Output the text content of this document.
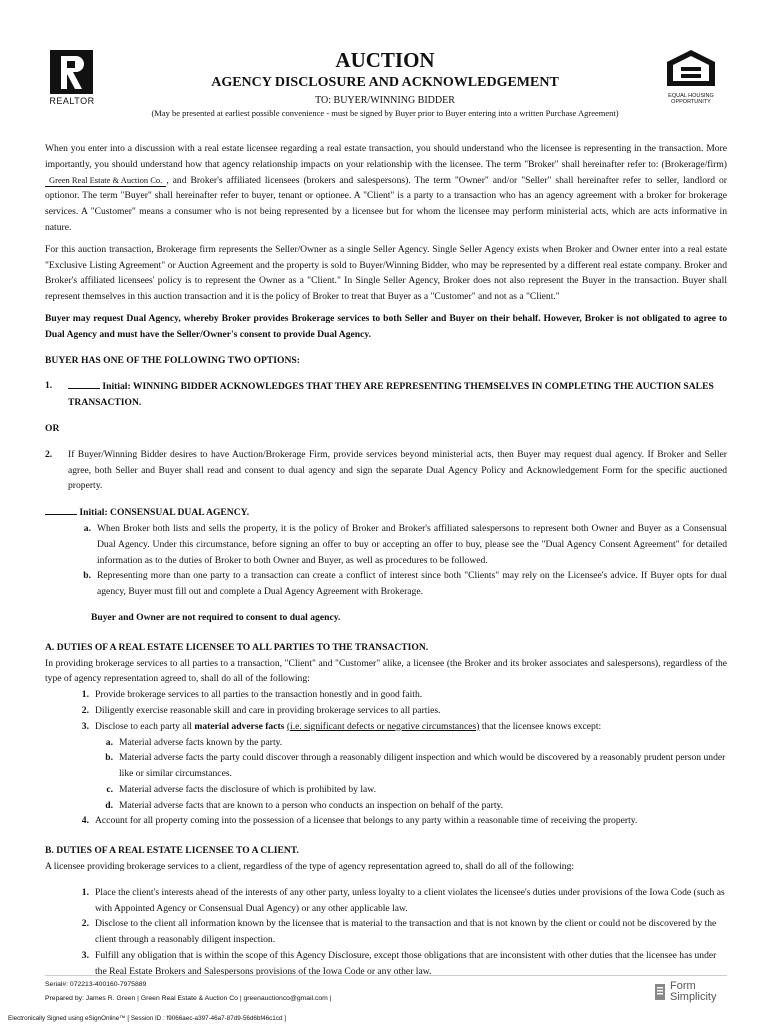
REALTOR	EQUAL HOUSING
OPPORTUNITY
AUCTION
AGENCY DISCLOSURE AND ACKNOWLEDGEMENT
TO: BUYER/WINNING BIDDER
(May be presented at earliest possible convenience - must be signed by Buyer prior to Buyer entering into a written Purchase Agreement)

When you enter into a discussion with a real estate licensee regarding a real estate transaction, you should understand who the licensee is representing in the transaction. More importantly, you should understand how that agency relationship impacts on your relationship with the licensee. The term "Broker" shall hereinafter refer to: (Brokerage/firm) Green Real Estate & Auction Co. , and Broker's affiliated licensees (brokers and salespersons). The term "Owner" and/or "Seller" shall hereinafter refer to seller, landlord or optionor. The term "Buyer" shall hereinafter refer to buyer, tenant or optionee. A "Client" is a party to a transaction who has an agency agreement with a broker for brokerage services. A "Customer" means a consumer who is not being represented by a licensee but for whom the licensee may perform ministerial acts, which are acts informative in nature.

For this auction transaction, Brokerage firm represents the Seller/Owner as a single Seller Agency. Single Seller Agency exists when Broker and Owner enter into a real estate "Exclusive Listing Agreement" or Auction Agreement and the property is sold to Buyer/Winning Bidder, who may be represented by a different real estate company. Broker and Broker's affiliated licensees' policy is to represent the Owner as a "Client." In Single Seller Agency, Broker does not also represent the Buyer in the transaction. Buyer shall represent themselves in this auction transaction and it is the policy of Broker to treat that Buyer as a "Customer" and not as a "Client."

Buyer may request Dual Agency, whereby Broker provides Brokerage services to both Seller and Buyer on their behalf. However, Broker is not obligated to agree to Dual Agency and must have the Seller/Owner's consent to provide Dual Agency.

BUYER HAS ONE OF THE FOLLOWING TWO OPTIONS:

1.	Initial: WINNING BIDDER ACKNOWLEDGES THAT THEY ARE REPRESENTING THEMSELVES IN COMPLETING THE AUCTION SALES TRANSACTION.

OR

2.	If Buyer/Winning Bidder desires to have Auction/Brokerage Firm, provide services beyond ministerial acts, then Buyer may request dual agency. If Broker and Seller agree, both Seller and Buyer shall read and consent to dual agency and sign the separate Dual Agency Policy and Acknowledgement Form for the specific auctioned property.

Initial: CONSENSUAL DUAL AGENCY.

a. When Broker both lists and sells the property, it is the policy of Broker and Broker's affiliated salespersons to represent both Owner and Buyer as a Consensual Dual Agency. Under this circumstance, before signing an offer to buy or accepting an offer to buy, please see the "Dual Agency Consent Agreement" for detailed information as to the duties of Broker to both Owner and Buyer, as well as procedures to be followed.
b. Representing more than one party to a transaction can create a conflict of interest since both "Clients" may rely on the Licensee's advice. If Buyer opts for dual agency, Buyer must fill out and complete a Dual Agency Agreement with Brokerage.

Buyer and Owner are not required to consent to dual agency.

A. DUTIES OF A REAL ESTATE LICENSEE TO ALL PARTIES TO THE TRANSACTION.

In providing brokerage services to all parties to a transaction, "Client" and "Customer" alike, a licensee (the Broker and its broker associates and salespersons), regardless of the type of agency representation agreed to, shall do all of the following:

1. Provide brokerage services to all parties to the transaction honestly and in good faith.
2. Diligently exercise reasonable skill and care in providing brokerage services to all parties.
3. Disclose to each party all material adverse facts (i.e. significant defects or negative circumstances) that the licensee knows except:
a. Material adverse facts known by the party.
b. Material adverse facts the party could discover through a reasonably diligent inspection and which would be discovered by a reasonably prudent person under like or similar circumstances.
c. Material adverse facts the disclosure of which is prohibited by law.
d. Material adverse facts that are known to a person who conducts an inspection on behalf of the party.
4. Account for all property coming into the possession of a licensee that belongs to any party within a reasonable time of receiving the property.

B. DUTIES OF A REAL ESTATE LICENSEE TO A CLIENT.

A licensee providing brokerage services to a client, regardless of the type of agency representation agreed to, shall do all of the following:

1. Place the client's interests ahead of the interests of any other party, unless loyalty to a client violates the licensee's duties under provisions of the Iowa Code (such as with Appointed Agency or Consensual Dual Agency) or any other applicable law.
2. Disclose to the client all information known by the licensee that is material to the transaction and that is not known by the client or could not be discovered by the client through a reasonably diligent inspection.
3. Fulfill any obligation that is within the scope of this Agency Disclosure, except those obligations that are inconsistent with other duties that the licensee has under the Real Estate Brokers and Salespersons provisions of the Iowa Code or any other law.
Serial#: 072213-400160-7975889
Prepared by: James R. Green | Green Real Estate & Auction Co | greenauctionco@gmail.com |
Electronically Signed using eSignOnline™ [ Session ID : f9066aec-a397-46a7-87d9-56d6bf46c1cd ]
Form
Simplicity
